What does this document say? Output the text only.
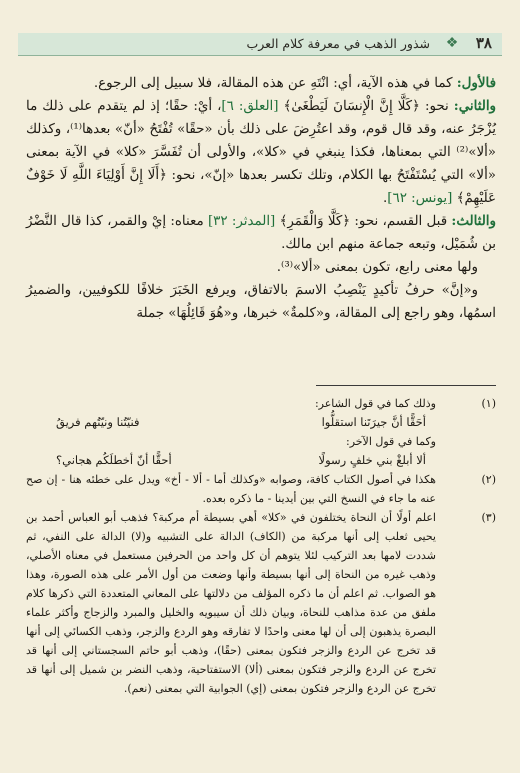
٣٨
❖
شذور الذهب في معرفة كلام العرب

فالأول: كما في هذه الآية، أي: انْتَهِ عن هذه المقالة، فلا سبيل إلى الرجوع.

والثاني: نحو: ﴿كَلَّا إِنَّ الْإِنسَانَ لَيَطْغَىٰ﴾ [العلق: ٦]، أيْ: حقًا؛ إذ لم يتقدم على ذلك ما يُزْجَرُ عنه، وقد قال قوم، وقد اعتُرِضَ على ذلك بأن «حقًا» تُفْتَحُ «أنّ» بعدها⁽¹⁾، وكذلك «ألا»⁽²⁾ التي بمعناها، فكذا ينبغي في «كلا»، والأولى أن تُفَسَّرَ «كلا» في الآية بمعنى «ألا» التي يُسْتَفْتَحُ بها الكلام، وتلك تكسر بعدها «إنّ»، نحو: ﴿أَلَا إِنَّ أَوْلِيَاءَ اللَّهِ لَا خَوْفٌ عَلَيْهِمْ﴾ [يونس: ٦٢].

والثالث: قبل القسم، نحو: ﴿كَلَّا وَالْقَمَرِ﴾ [المدثر: ٣٢] معناه: إيْ والقمر، كذا قال النَّضْرُ بن شُمَيْل، وتبعه جماعة منهم ابن مالك.

ولها معنى رابع، تكون بمعنى «ألا»⁽³⁾.

و«إنَّ» حرفُ تأكيدٍ يَنْصِبُ الاسمَ بالاتفاق، ويرفع الخَبَرَ خلافًا للكوفيين، والضميرُ اسمُها، وهو راجع إلى المقالة، و«كلمةٌ» خبرها، و«هُوَ قَائِلُهَا» جملة

(١)
وذلك كما في قول الشاعر:
أحَقًّا أنَّ جيرَتَنا استقلُّوا
فنيّتُنا ونيّتُهم فريقُ
وكما في قول الآخر:
ألا أبلغْ بني خلفٍ رسولًا
أحقًّا أنّ أخطلَكُم هجاني؟
(٢)
هكذا في أصول الكتاب كافة، وصوابه «وكذلك أما - ألا - أخ» ويدل على خطئه هنا - إن صح عنه ما جاء في النسخ التي بين أيدينا - ما ذكره بعده.
(٣)
اعلم أولًا أن النحاة يختلفون في «كلا» أهي بسيطة أم مركبة؟ فذهب أبو العباس أحمد بن يحيى ثعلب إلى أنها مركبة من (الكاف) الدالة على التشبيه و(لا) الدالة على النفي، ثم شددت لامها بعد التركيب لئلا يتوهم أن كل واحد من الحرفين مستعمل في معناه الأصلي، وذهب غيره من النحاة إلى أنها بسيطة وأنها وضعت من أول الأمر على هذه الصورة، وهذا هو الصواب. ثم اعلم أن ما ذكره المؤلف من دلالتها على المعاني المتعددة التي ذكرها كلام ملفق من عدة مذاهب للنحاة، وبيان ذلك أن سيبويه والخليل والمبرد والزجاج وأكثر علماء البصرة يذهبون إلى أن لها معنى واحدًا لا تفارقه وهو الردع والزجر، وذهب الكسائي إلى أنها قد تخرج عن الردع والزجر فتكون بمعنى (حقًا)، وذهب أبو حاتم السجستاني إلى أنها قد تخرج عن الردع والزجر فتكون بمعنى (ألا) الاستفتاحية، وذهب النضر بن شميل إلى أنها قد تخرج عن الردع والزجر فتكون بمعنى (إي) الجوابية التي بمعنى (نعم).
